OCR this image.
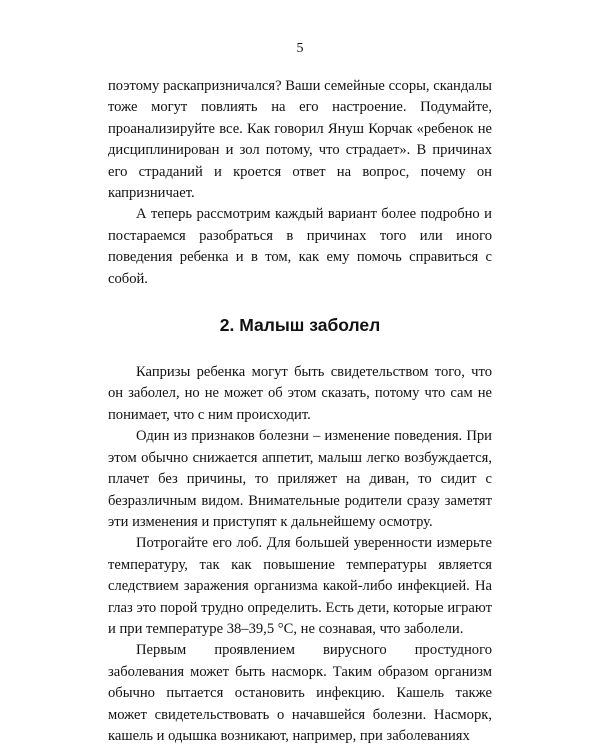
5

поэтому раскапризничался? Ваши семейные ссоры, скандалы тоже могут повлиять на его настроение. Подумайте, проанализируйте все. Как говорил Януш Корчак «ребенок не дисциплинирован и зол потому, что страдает». В причинах его страданий и кроется ответ на вопрос, почему он капризничает.

А теперь рассмотрим каждый вариант более подробно и постараемся разобраться в причинах того или иного поведения ребенка и в том, как ему помочь справиться с собой.

2. Малыш заболел

Капризы ребенка могут быть свидетельством того, что он заболел, но не может об этом сказать, потому что сам не понимает, что с ним происходит.

Один из признаков болезни – изменение поведения. При этом обычно снижается аппетит, малыш легко возбуждается, плачет без причины, то приляжет на диван, то сидит с безразличным видом. Внимательные родители сразу заметят эти изменения и приступят к дальнейшему осмотру.

Потрогайте его лоб. Для большей уверенности измерьте температуру, так как повышение температуры является следствием заражения организма какой-либо инфекцией. На глаз это порой трудно определить. Есть дети, которые играют и при температуре 38–39,5 °С, не сознавая, что заболели.

Первым проявлением вирусного простудного заболевания может быть насморк. Таким образом организм обычно пытается остановить инфекцию. Кашель также может свидетельствовать о начавшейся болезни. Насморк, кашель и одышка возникают, например, при заболеваниях
